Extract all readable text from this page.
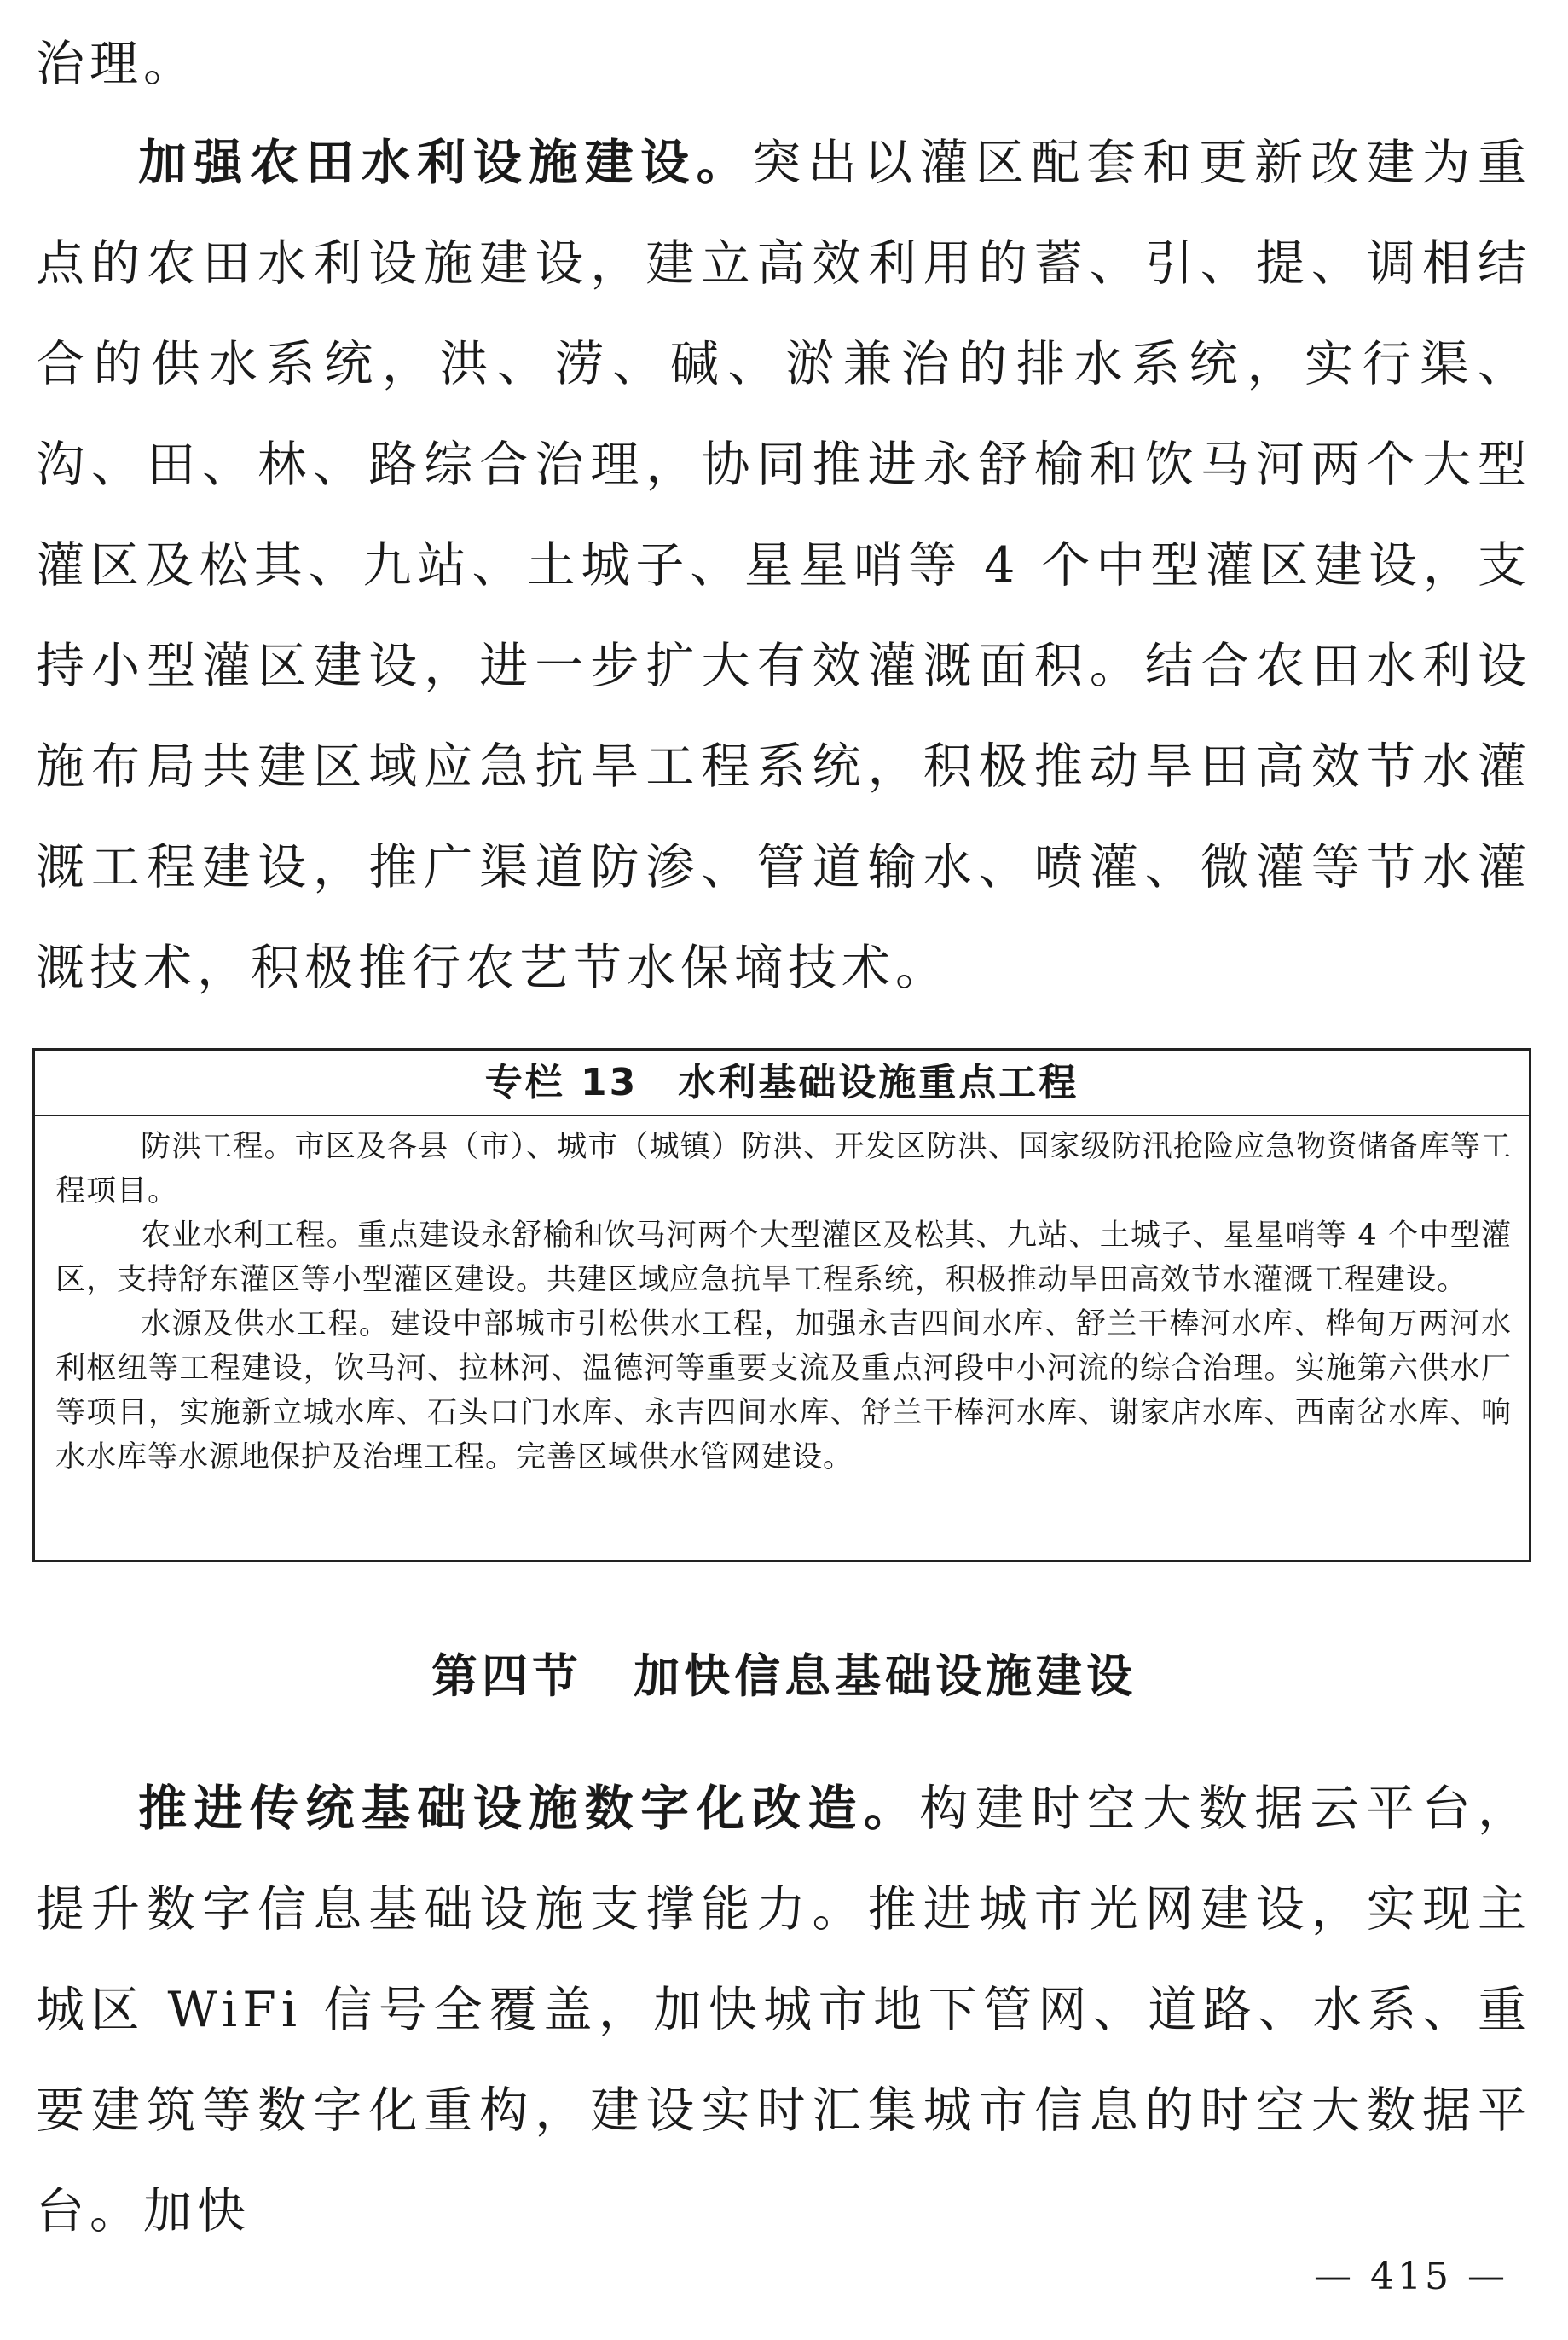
治理。

加强农田水利设施建设。突出以灌区配套和更新改建为重点的农田水利设施建设，建立高效利用的蓄、引、提、调相结合的供水系统，洪、涝、碱、淤兼治的排水系统，实行渠、沟、田、林、路综合治理，协同推进永舒榆和饮马河两个大型灌区及松其、九站、土城子、星星哨等 4 个中型灌区建设，支持小型灌区建设，进一步扩大有效灌溉面积。结合农田水利设施布局共建区域应急抗旱工程系统，积极推动旱田高效节水灌溉工程建设，推广渠道防渗、管道输水、喷灌、微灌等节水灌溉技术，积极推行农艺节水保墒技术。

专栏 13　水利基础设施重点工程

防洪工程。市区及各县（市）、城市（城镇）防洪、开发区防洪、国家级防汛抢险应急物资储备库等工程项目。

农业水利工程。重点建设永舒榆和饮马河两个大型灌区及松其、九站、土城子、星星哨等 4 个中型灌区，支持舒东灌区等小型灌区建设。共建区域应急抗旱工程系统，积极推动旱田高效节水灌溉工程建设。

水源及供水工程。建设中部城市引松供水工程，加强永吉四间水库、舒兰干棒河水库、桦甸万两河水利枢纽等工程建设，饮马河、拉林河、温德河等重要支流及重点河段中小河流的综合治理。实施第六供水厂等项目，实施新立城水库、石头口门水库、永吉四间水库、舒兰干棒河水库、谢家店水库、西南岔水库、响水水库等水源地保护及治理工程。完善区域供水管网建设。

第四节 加快信息基础设施建设

推进传统基础设施数字化改造。构建时空大数据云平台，提升数字信息基础设施支撑能力。推进城市光网建设，实现主城区 WiFi 信号全覆盖，加快城市地下管网、道路、水系、重要建筑等数字化重构，建设实时汇集城市信息的时空大数据平台。加快

— 415 —
